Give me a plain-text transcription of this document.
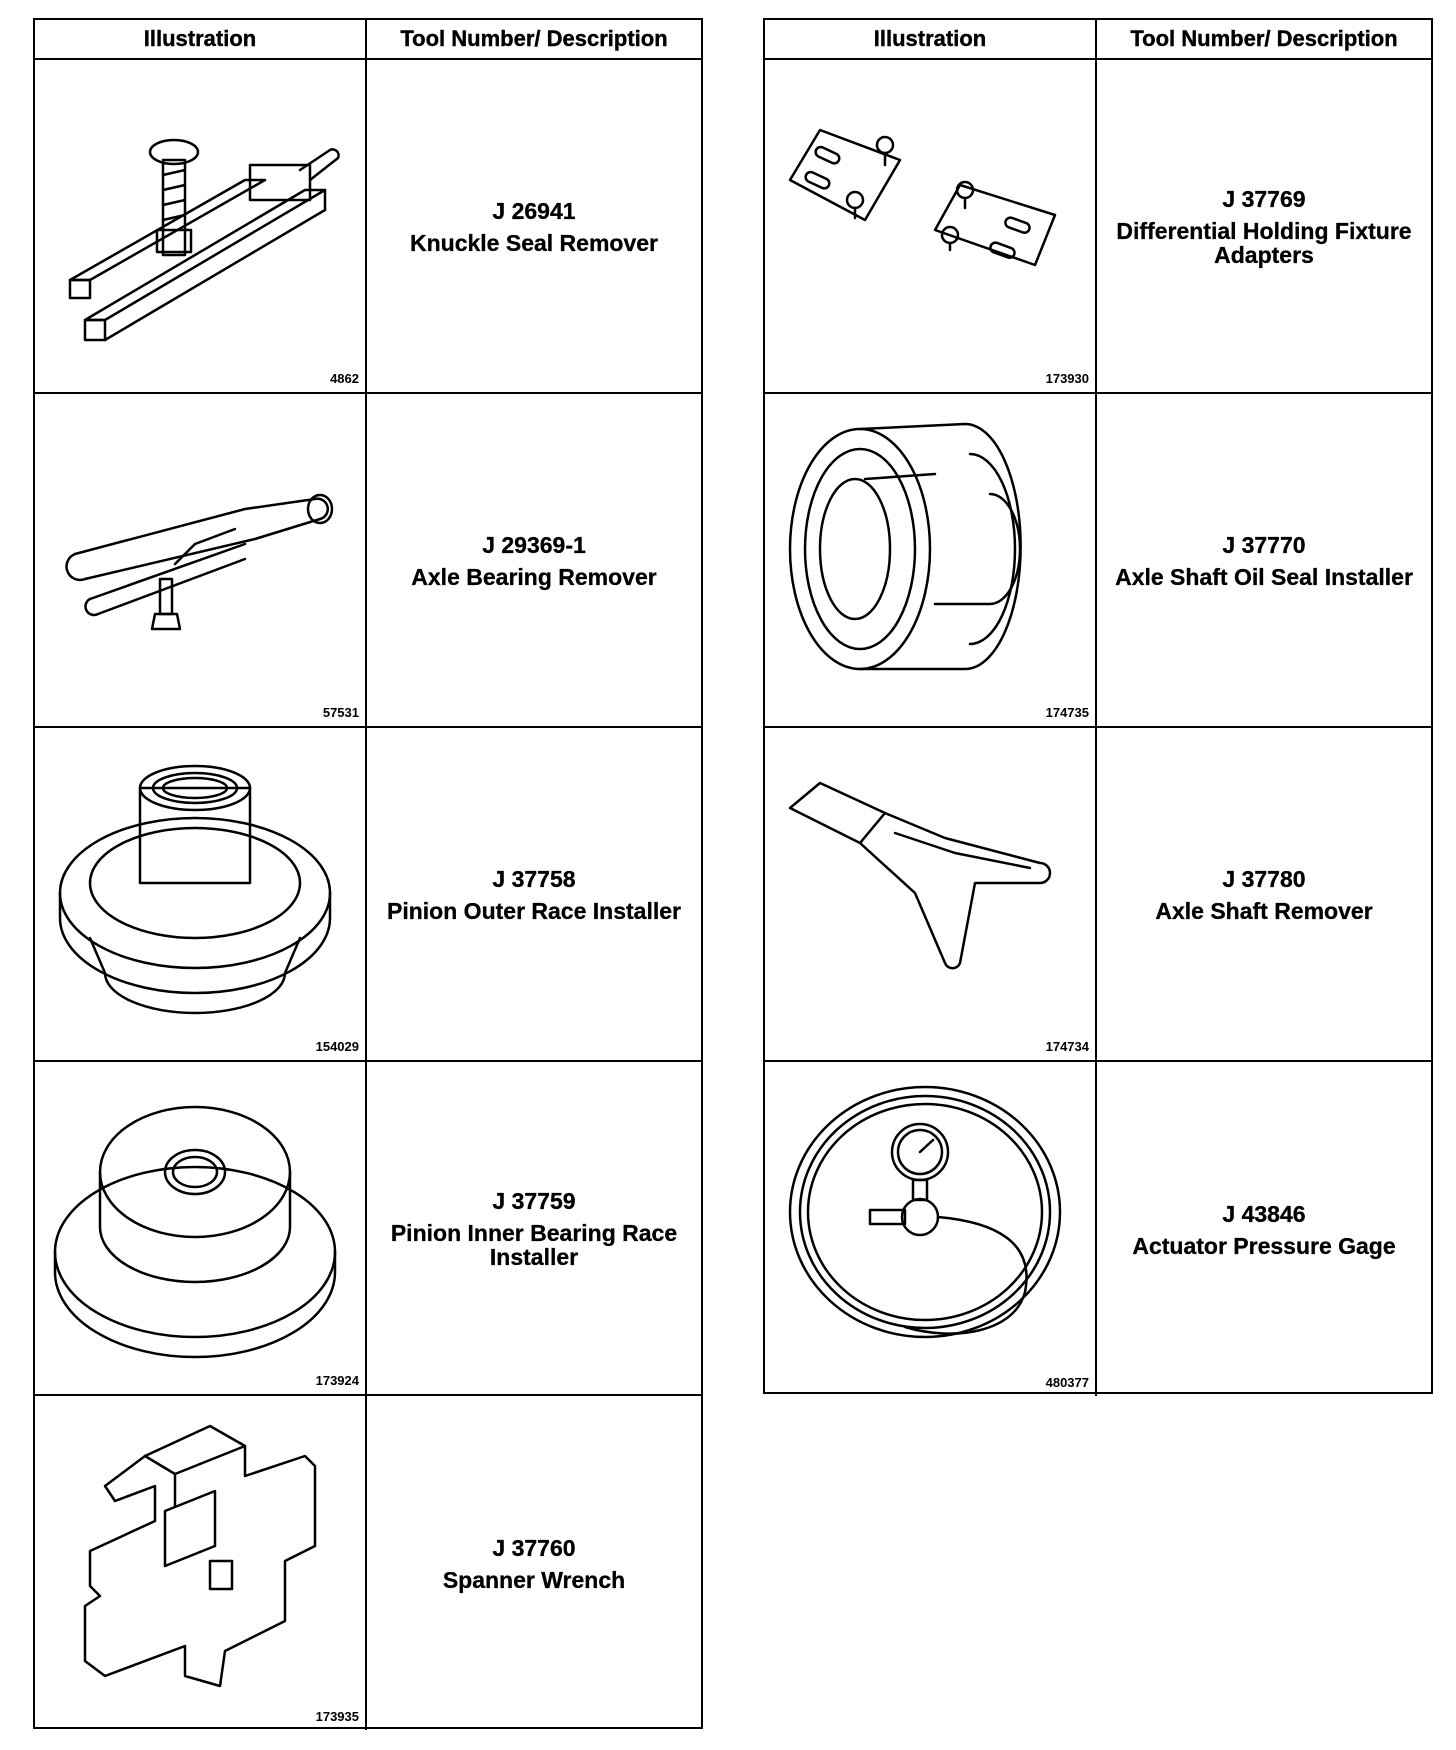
Illustration	Tool Number/ Description
4862
J 26941
Knuckle Seal Remover
57531
J 29369-1
Axle Bearing Remover
154029
J 37758
Pinion Outer Race Installer
173924
J 37759
Pinion Inner Bearing Race Installer
173935
J 37760
Spanner Wrench
Illustration	Tool Number/ Description
173930
J 37769
Differential Holding Fixture Adapters
174735
J 37770
Axle Shaft Oil Seal Installer
174734
J 37780
Axle Shaft Remover
480377
J 43846
Actuator Pressure Gage
